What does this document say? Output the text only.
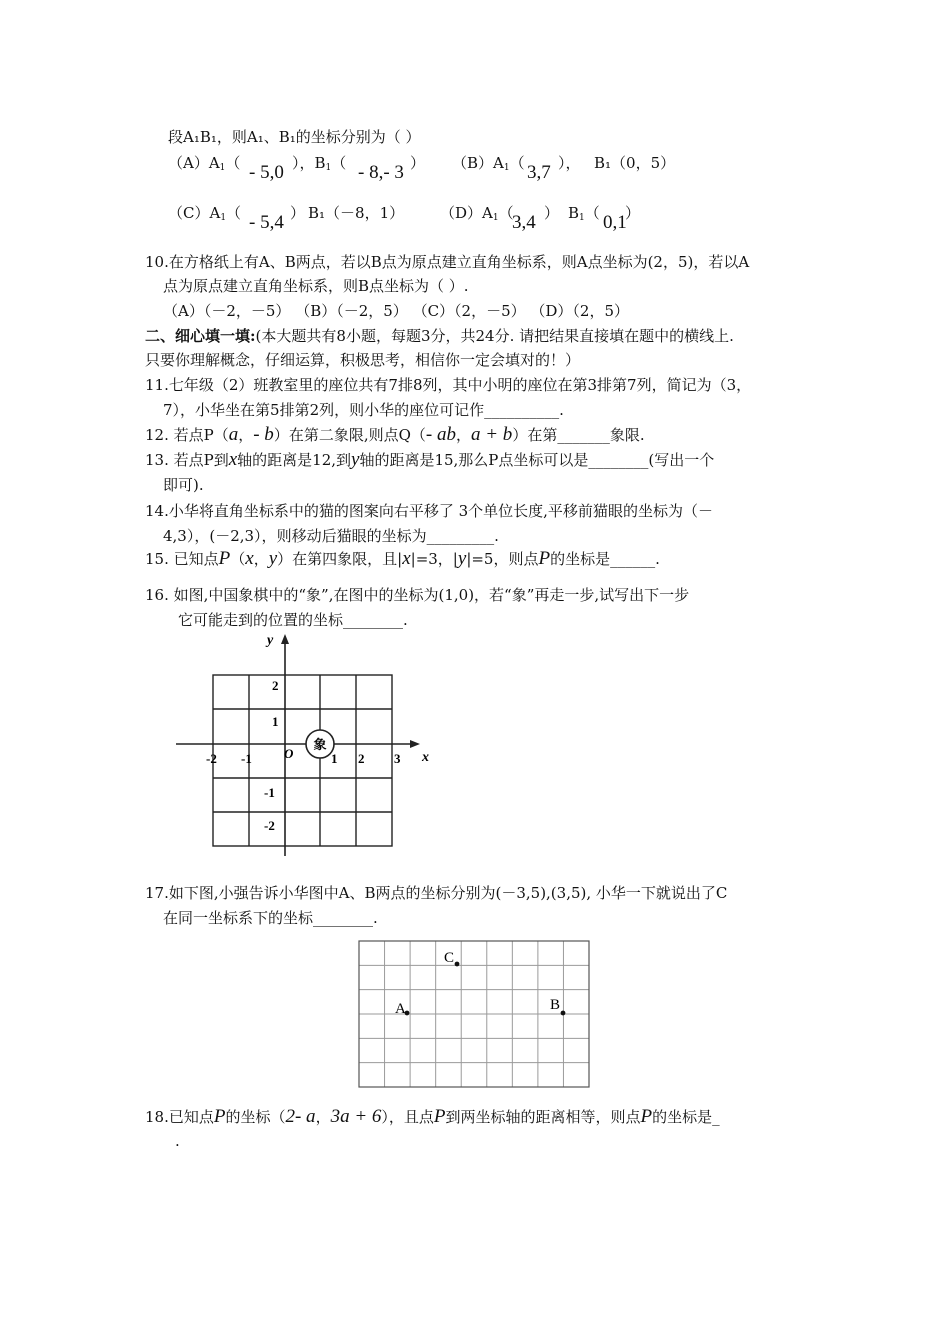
段A₁B₁，则A₁、B₁的坐标分别为（ ）
$(A)A_1( - 5,0$ ），$B_1( - 8,-$ 3 ） $(B)A_1$（ 3,7 ）， B₁（0，5）
$(C)A_1( - 5,4$ ） B₁（－8，1） $(D)A_1$（
3,4 ） $B_1$（ 0,1
）
10.在方格纸上有A、B两点，若以B点为原点建立直角坐标系，则A点坐标为(2，5)，若以A
点为原点建立直角坐标系，则B点坐标为（ ）.
（A）（－2，－5） （B）（－2，5） （C）（2，－5） （D）（2，5）
二、细心填一填:(本大题共有8小题，每题3分，共24分. 请把结果直接填在题中的横线上.
只要你理解概念，仔细运算，积极思考，相信你一定会填对的！）
11.七年级（2）班教室里的座位共有7排8列，其中小明的座位在第3排第7列，简记为（3，
7），小华坐在第5排第2列，则小华的座位可记作__________.
12. 若点P（a，- b）在第二象限,则点Q（- ab，a + b）在第_______象限.
13. 若点P到x轴的距离是12,到y轴的距离是15,那么P点坐标可以是________(写出一个
即可).
14.小华将直角坐标系中的猫的图案向右平移了 3个单位长度,平移前猫眼的坐标为（－
4,3），(－2,3），则移动后猫眼的坐标为_________.
15. 已知点P（x，y）在第四象限，且|x|=3，|y|=5，则点P的坐标是______.
16. 如图,中国象棋中的“象”,在图中的坐标为(1,0)，若“象”再走一步,试写出下一步
它可能走到的位置的坐标________.
x
y
O
-2 -1	1 2 3
2
1
-1
-2
象
17.如下图,小强告诉小华图中A、B两点的坐标分别为(－3,5),(3,5), 小华一下就说出了C
在同一坐标系下的坐标________.
C
A	B
18.已知点P的坐标（2- a，3a + 6），且点P到两坐标轴的距离相等，则点P的坐标是_
.
